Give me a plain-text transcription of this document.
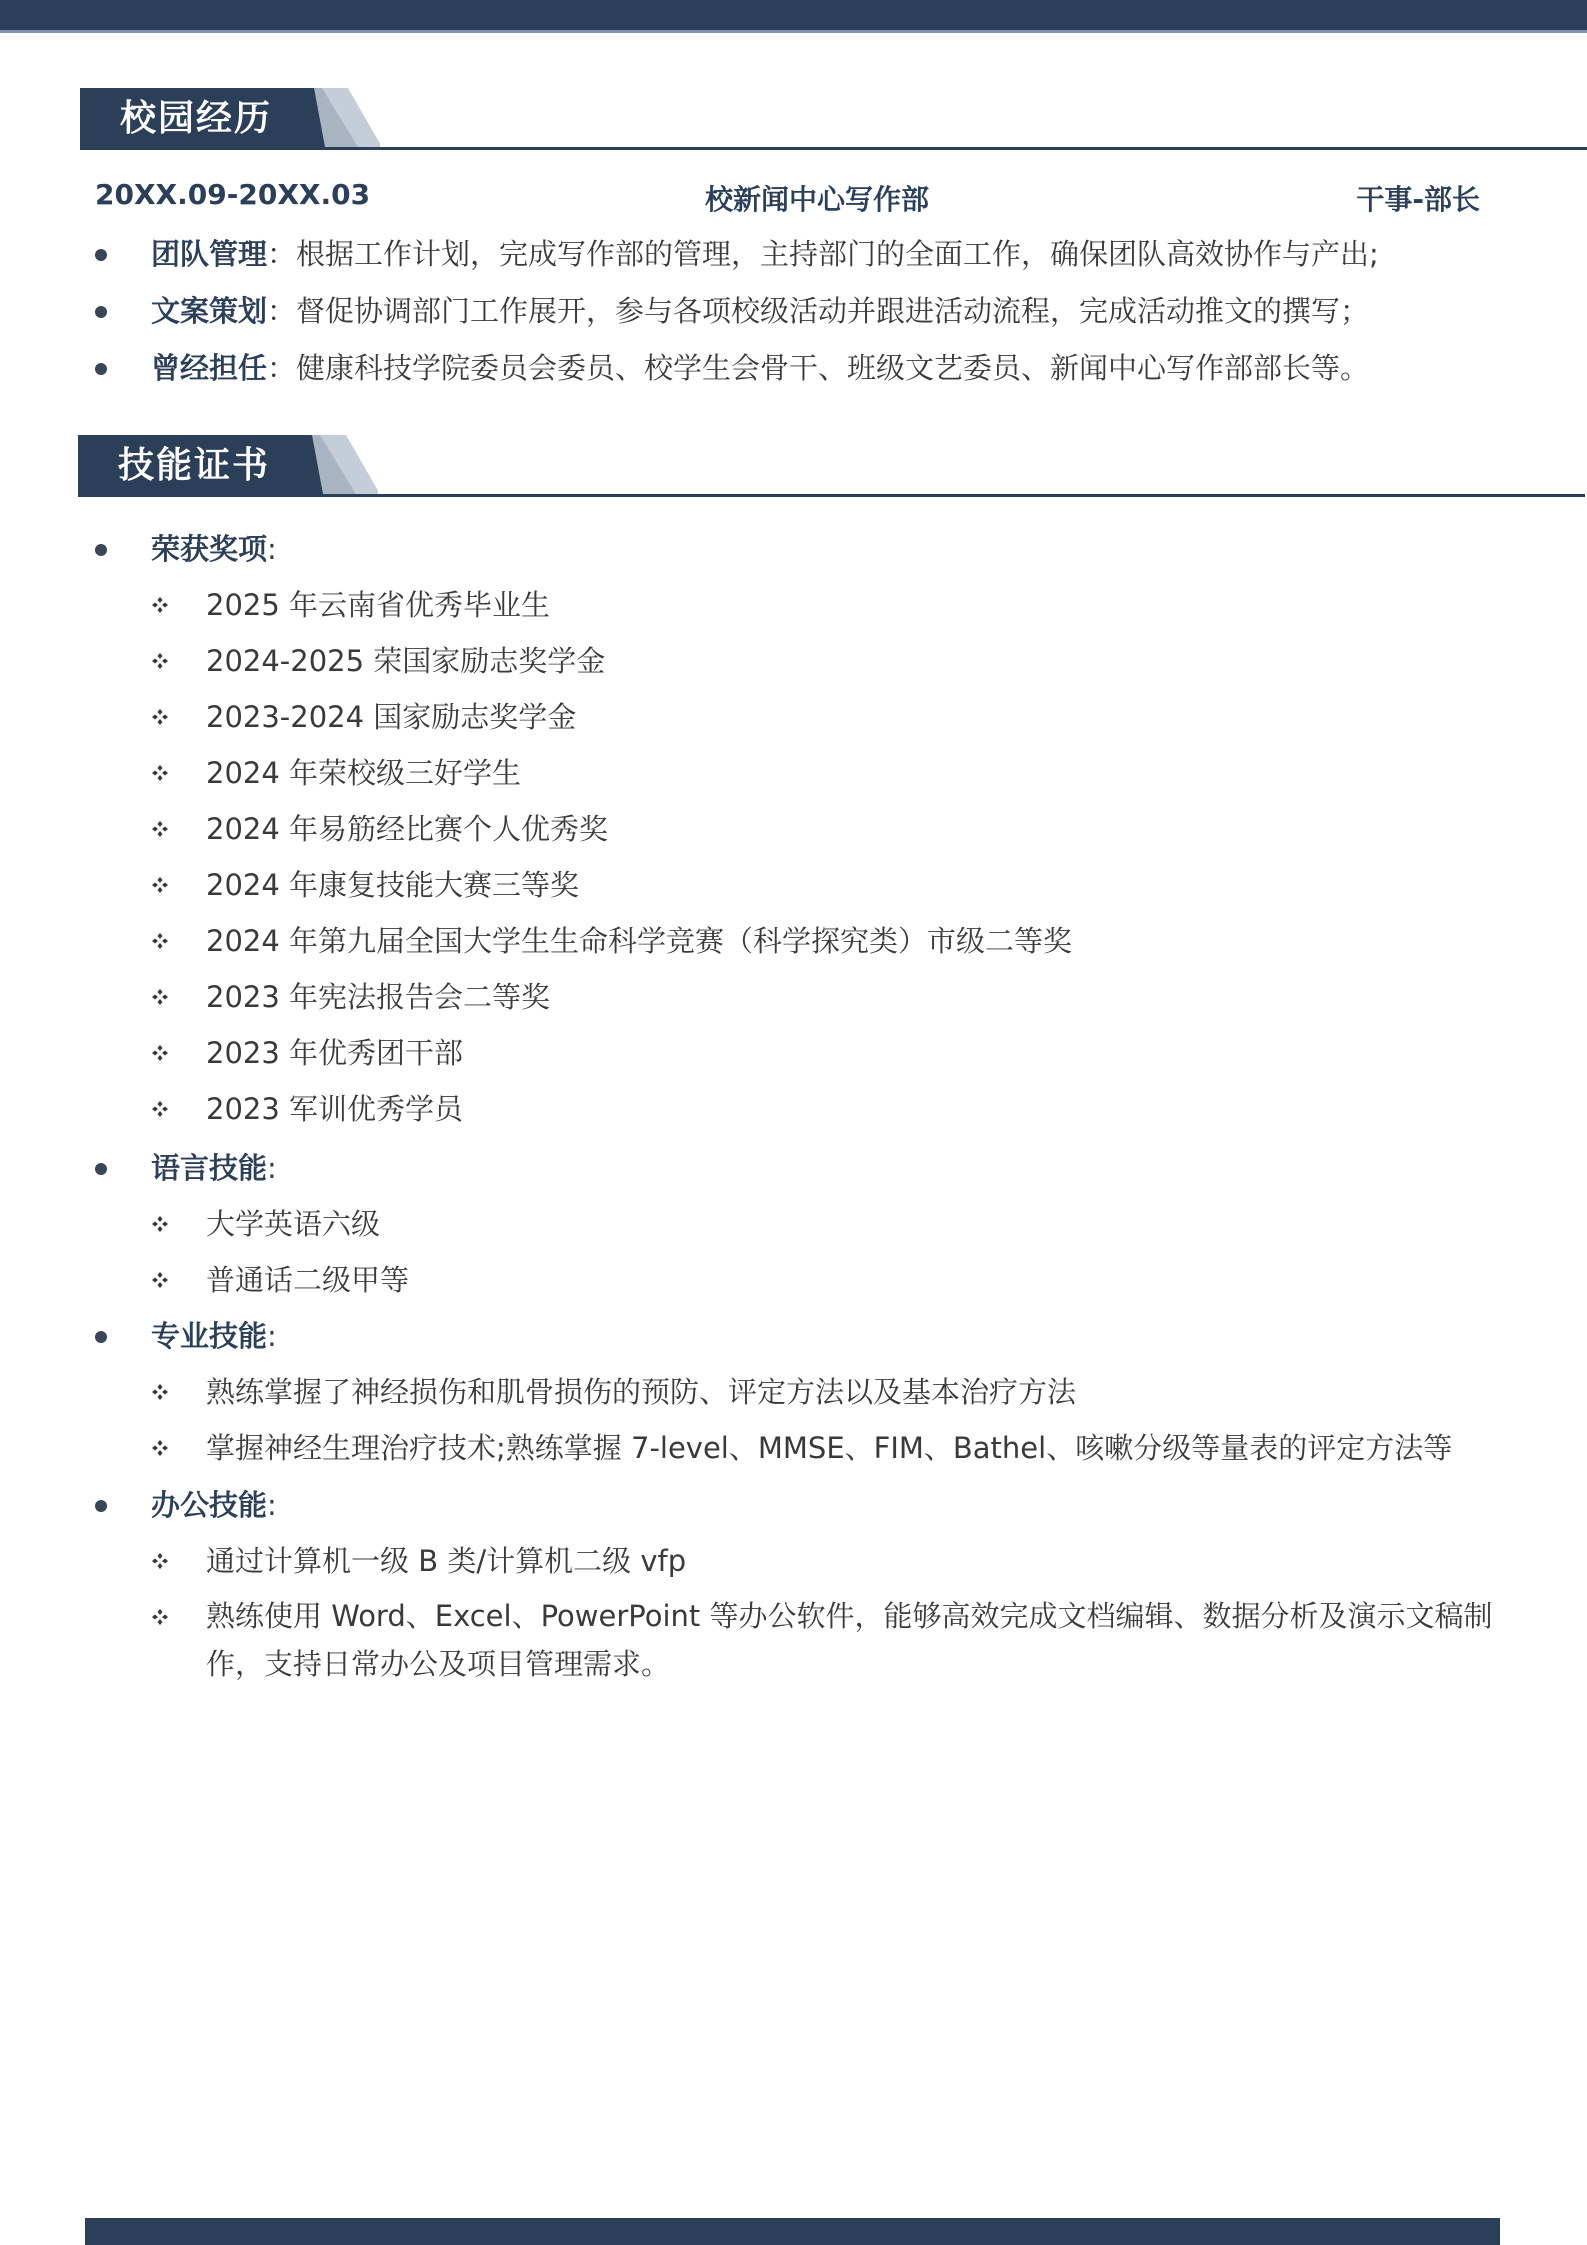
校园经历
20XX.09-20XX.03	校新闻中心写作部	干事-部长
团队管理：根据工作计划，完成写作部的管理，主持部门的全面工作，确保团队高效协作与产出;
文案策划：督促协调部门工作展开，参与各项校级活动并跟进活动流程，完成活动推文的撰写；
曾经担任：健康科技学院委员会委员、校学生会骨干、班级文艺委员、新闻中心写作部部长等。
技能证书
荣获奖项:
2025 年云南省优秀毕业生
2024-2025 荣国家励志奖学金
2023-2024 国家励志奖学金
2024 年荣校级三好学生
2024 年易筋经比赛个人优秀奖
2024 年康复技能大赛三等奖
2024 年第九届全国大学生生命科学竞赛（科学探究类）市级二等奖
2023 年宪法报告会二等奖
2023 年优秀团干部
2023 军训优秀学员
语言技能:
大学英语六级
普通话二级甲等
专业技能:
熟练掌握了神经损伤和肌骨损伤的预防、评定方法以及基本治疗方法
掌握神经生理治疗技术;熟练掌握 7-level、MMSE、FIM、Bathel、咳嗽分级等量表的评定方法等
办公技能:
通过计算机一级 B 类/计算机二级 vfp
熟练使用 Word、Excel、PowerPoint 等办公软件，能够高效完成文档编辑、数据分析及演示文稿制作，支持日常办公及项目管理需求。
